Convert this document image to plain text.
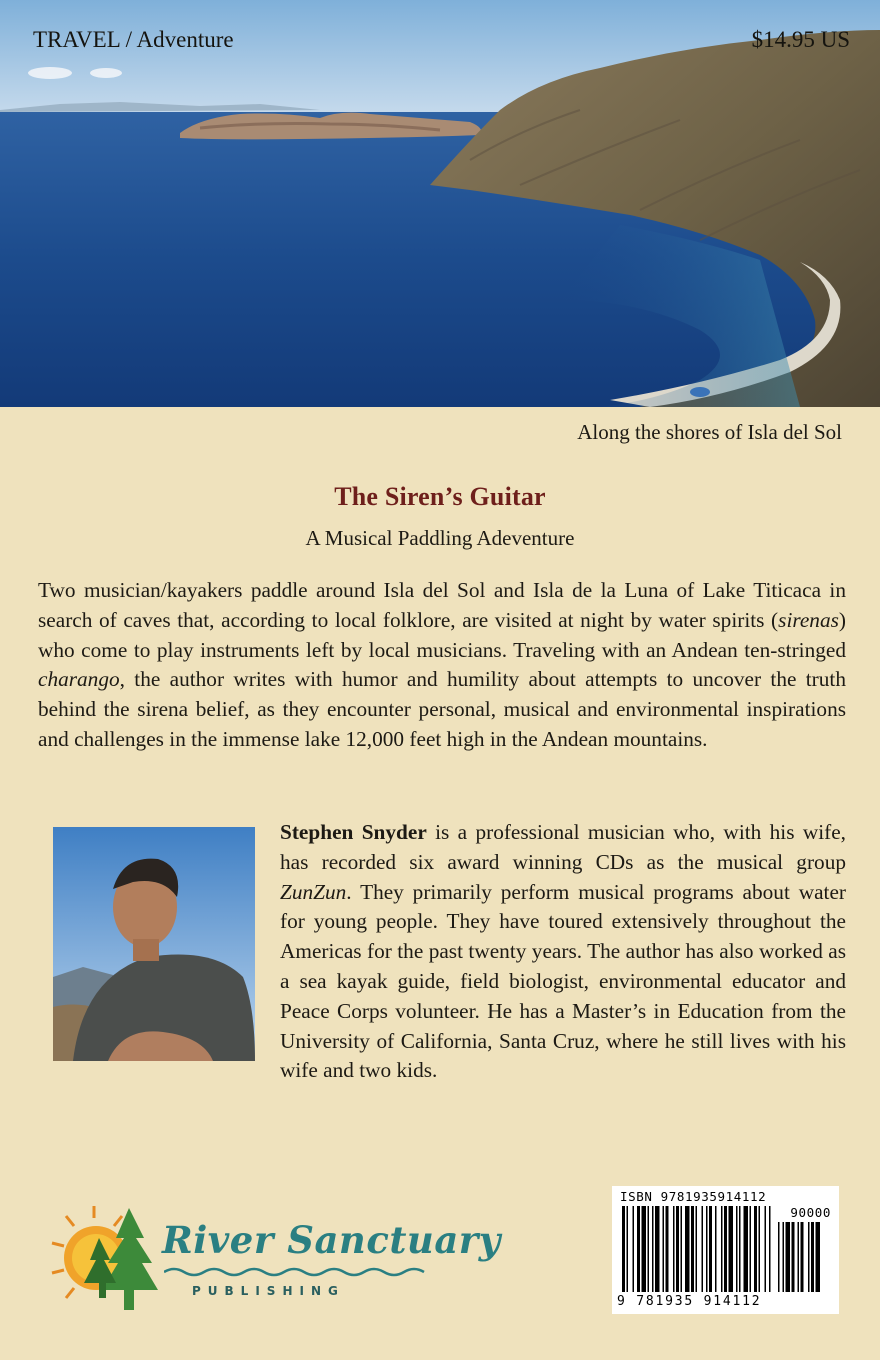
TRAVEL / Adventure	$14.95 US
Along the shores of Isla del Sol
The Siren’s Guitar
A Musical Paddling Adeventure

Two musician/kayakers paddle around Isla del Sol and Isla de la Luna of Lake Titicaca in search of caves that, according to local folklore, are visited at night by water spirits (sirenas) who come to play instruments left by local musicians. Traveling with an Andean ten-stringed charango, the author writes with humor and humility about attempts to uncover the truth behind the sirena belief, as they encounter personal, musical and environmental inspirations and challenges in the immense lake 12,000 feet high in the Andean mountains.

Stephen Snyder is a professional musician who, with his wife, has recorded six award winning CDs as the musical group ZunZun. They primarily perform musical programs about water for young people. They have toured extensively throughout the Americas for the past twenty years. The author has also worked as a sea kayak guide, field biologist, environmental educator and Peace Corps volunteer. He has a Master’s in Education from the University of California, Santa Cruz, where he still lives with his wife and two kids.

River Sanctuary
PUBLISHING
ISBN 9781935914112
90000
9 781935 914112
